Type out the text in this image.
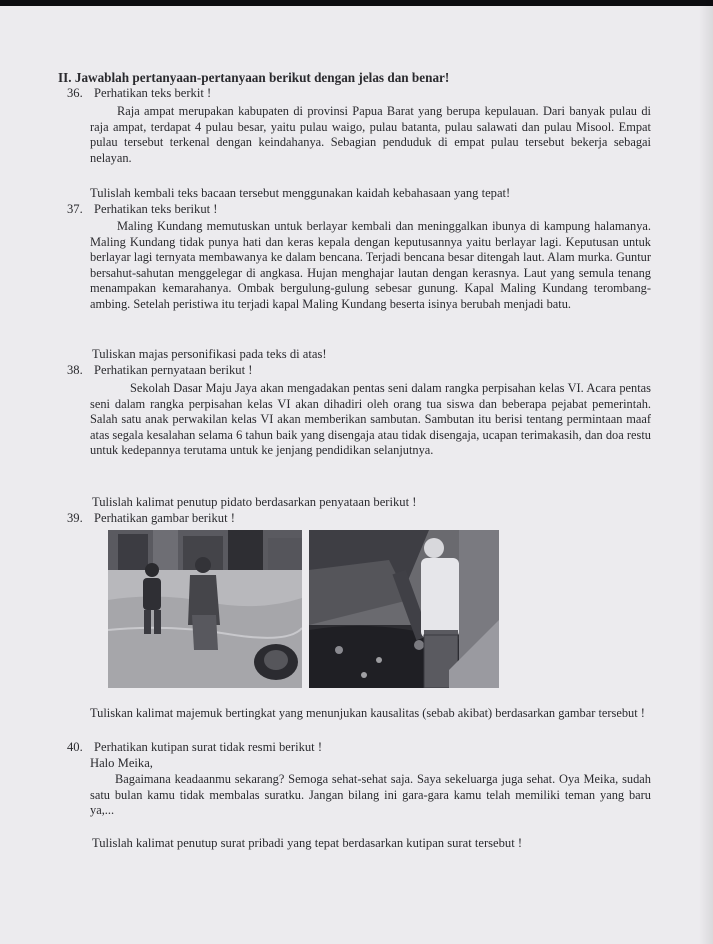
II. Jawablah pertanyaan-pertanyaan berikut dengan jelas dan benar!
36. Perhatikan teks berkit !
Raja ampat merupakan kabupaten di provinsi Papua Barat yang berupa kepulauan. Dari banyak pulau di raja ampat, terdapat 4 pulau besar, yaitu pulau waigo, pulau batanta, pulau salawati dan pulau Misool. Empat pulau tersebut terkenal dengan keindahanya. Sebagian penduduk di empat pulau tersebut bekerja sebagai nelayan.
Tulislah kembali teks bacaan tersebut menggunakan kaidah kebahasaan yang tepat!
37. Perhatikan teks berikut !
Maling Kundang memutuskan untuk berlayar kembali dan meninggalkan ibunya di kampung halamanya. Maling Kundang tidak punya hati dan keras kepala dengan keputusannya yaitu berlayar lagi. Keputusan untuk berlayar lagi ternyata membawanya ke dalam bencana. Terjadi bencana besar ditengah laut. Alam murka. Guntur bersahut-sahutan menggelegar di angkasa. Hujan menghajar lautan dengan kerasnya. Laut yang semula tenang menampakan kemarahanya. Ombak bergulung-gulung sebesar gunung. Kapal Maling Kundang terombang-ambing. Setelah peristiwa itu terjadi kapal Maling Kundang beserta isinya berubah menjadi batu.
Tuliskan majas personifikasi pada teks di atas!
38. Perhatikan pernyataan berikut !
Sekolah Dasar Maju Jaya akan mengadakan pentas seni dalam rangka perpisahan kelas VI. Acara pentas seni dalam rangka perpisahan kelas VI akan dihadiri oleh orang tua siswa dan beberapa pejabat pemerintah. Salah satu anak perwakilan kelas VI akan memberikan sambutan. Sambutan itu berisi tentang permintaan maaf atas segala kesalahan selama 6 tahun baik yang disengaja atau tidak disengaja, ucapan terimakasih, dan doa restu untuk kedepannya terutama untuk ke jenjang pendidikan selanjutnya.
Tulislah kalimat penutup pidato berdasarkan penyataan berikut !
39. Perhatikan gambar berikut !
Tuliskan kalimat majemuk bertingkat yang menunjukan kausalitas (sebab akibat) berdasarkan gambar tersebut !
40. Perhatikan kutipan surat tidak resmi berikut !
Halo Meika,
Bagaimana keadaanmu sekarang? Semoga sehat-sehat saja. Saya sekeluarga juga sehat. Oya Meika, sudah satu bulan kamu tidak membalas suratku. Jangan bilang ini gara-gara kamu telah memiliki teman yang baru ya,...
Tulislah kalimat penutup surat pribadi yang tepat berdasarkan kutipan surat tersebut !
